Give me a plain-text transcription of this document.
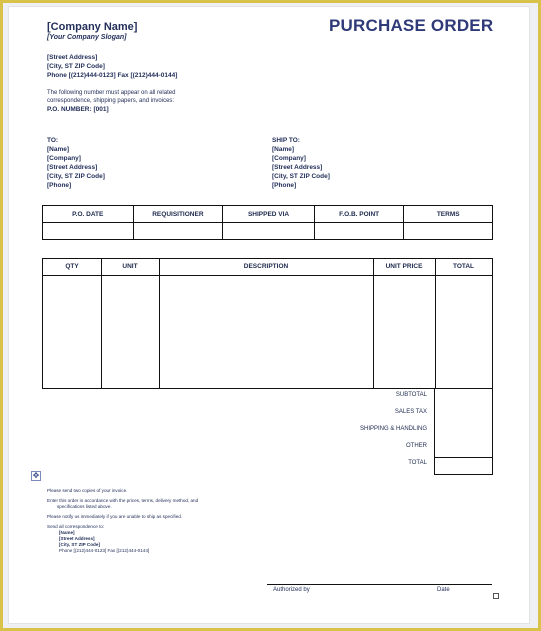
[Company Name]
[Your Company Slogan]
PURCHASE ORDER
[Street Address]
[City, ST ZIP Code]
Phone [(212)444-0123] Fax [(212)444-0144]
The following number must appear on all related
correspondence, shipping papers, and invoices:
P.O. NUMBER: [001]
TO:
[Name]
[Company]
[Street Address]
[City, ST ZIP Code]
[Phone]
SHIP TO:
[Name]
[Company]
[Street Address]
[City, ST ZIP Code]
[Phone]
P.O. DATE	REQUISITIONER	SHIPPED VIA	F.O.B. POINT	TERMS

QTY	UNIT	DESCRIPTION	UNIT PRICE	TOTAL
SUBTOTAL
SALES TAX
SHIPPING & HANDLING
OTHER
TOTAL
✥
Please send two copies of your invoice.
Enter this order in accordance with the prices, terms, delivery method, and
specifications listed above.
Please notify us immediately if you are unable to ship as specified.
Send all correspondence to:
[Name]
[Street Address]
[City, ST ZIP Code]
Phone [(212)444-0123] Fax [(212)444-0144]
Authorized by	Date
